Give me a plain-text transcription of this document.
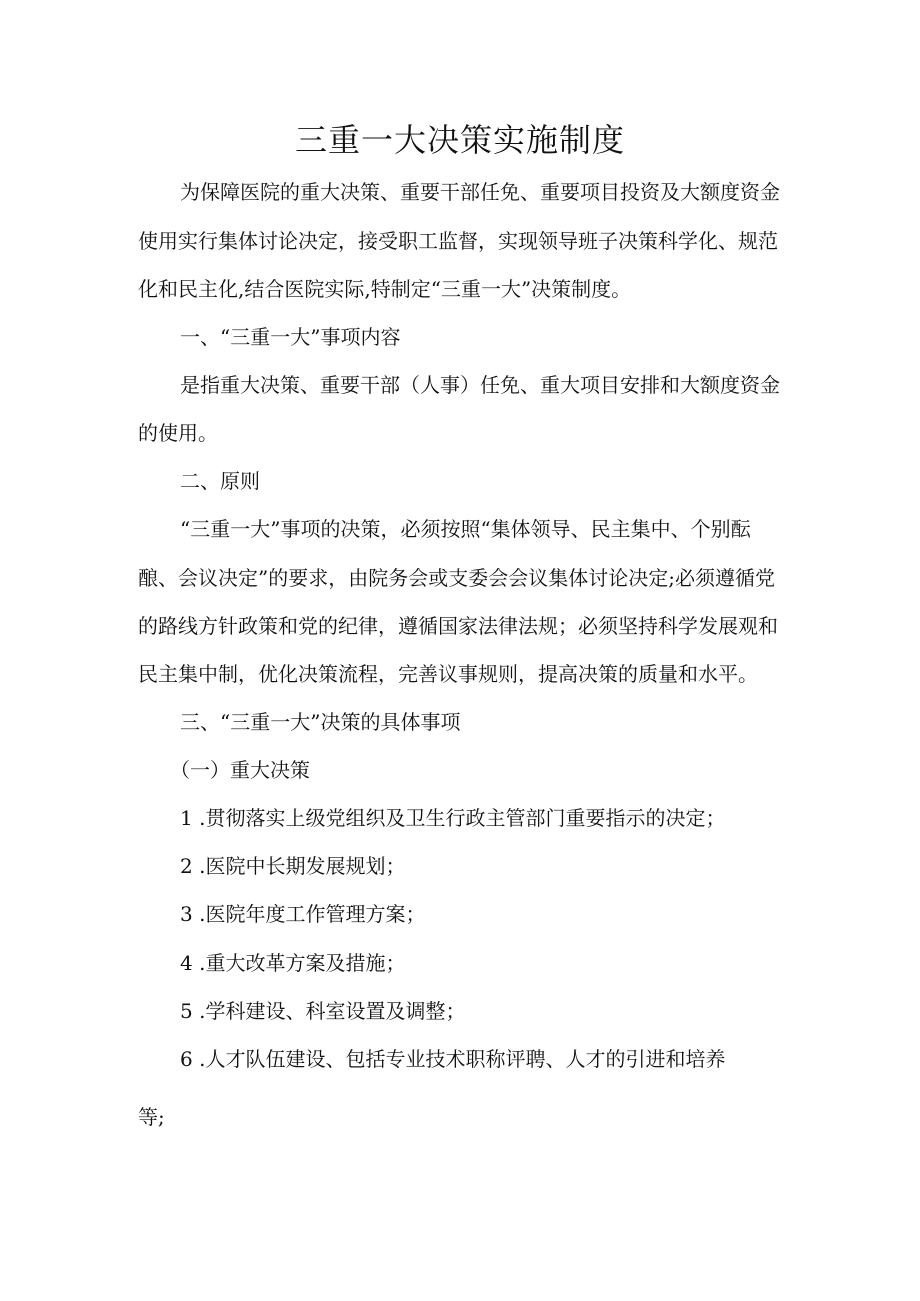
三重一大决策实施制度

为保障医院的重大决策、重要干部任免、重要项目投资及大额度资金

使用实行集体讨论决定，接受职工监督，实现领导班子决策科学化、规范

化和民主化,结合医院实际,特制定“三重一大”决策制度。

一、“三重一大”事项内容

是指重大决策、重要干部（人事）任免、重大项目安排和大额度资金

的使用。

二、原则

“三重一大”事项的决策，必须按照“集体领导、民主集中、个别酝

酿、会议决定”的要求，由院务会或支委会会议集体讨论决定;必须遵循党

的路线方针政策和党的纪律，遵循国家法律法规；必须坚持科学发展观和

民主集中制，优化决策流程，完善议事规则，提高决策的质量和水平。

三、“三重一大”决策的具体事项

（一）重大决策

1 .贯彻落实上级党组织及卫生行政主管部门重要指示的决定；

2 .医院中长期发展规划；

3 .医院年度工作管理方案；

4 .重大改革方案及措施；

5 .学科建设、科室设置及调整；

6 .人才队伍建设、包括专业技术职称评聘、人才的引进和培养

等;
